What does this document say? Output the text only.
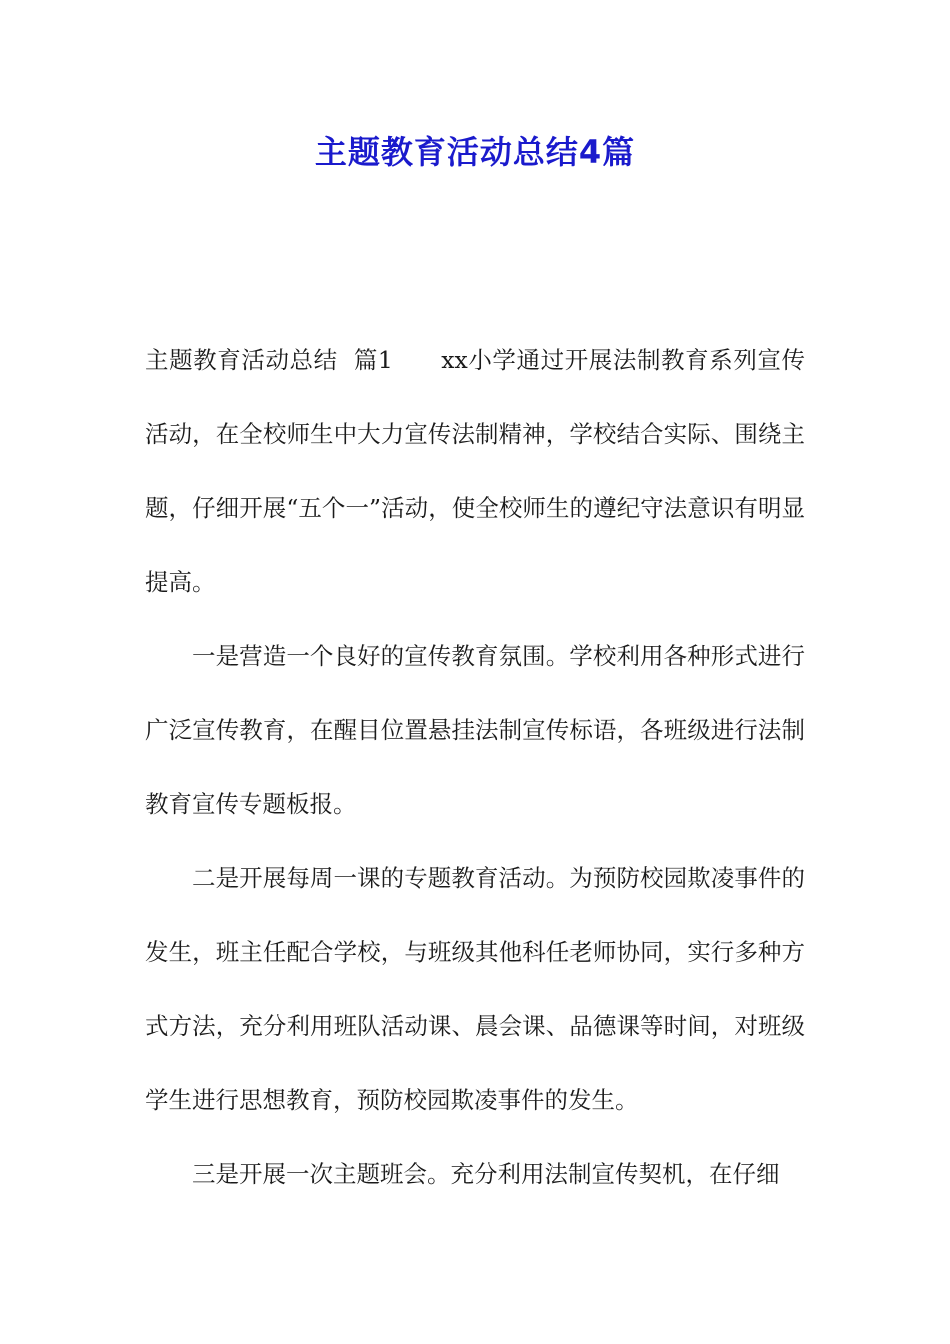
主题教育活动总结4篇

主题教育活动总结  篇1      xx小学通过开展法制教育系列宣传活动，在全校师生中大力宣传法制精神，学校结合实际、围绕主题，仔细开展“五个一”活动，使全校师生的遵纪守法意识有明显提高。

一是营造一个良好的宣传教育氛围。学校利用各种形式进行广泛宣传教育，在醒目位置悬挂法制宣传标语，各班级进行法制教育宣传专题板报。

二是开展每周一课的专题教育活动。为预防校园欺凌事件的发生，班主任配合学校，与班级其他科任老师协同，实行多种方式方法，充分利用班队活动课、晨会课、品德课等时间，对班级学生进行思想教育，预防校园欺凌事件的发生。

三是开展一次主题班会。充分利用法制宣传契机，在仔细
